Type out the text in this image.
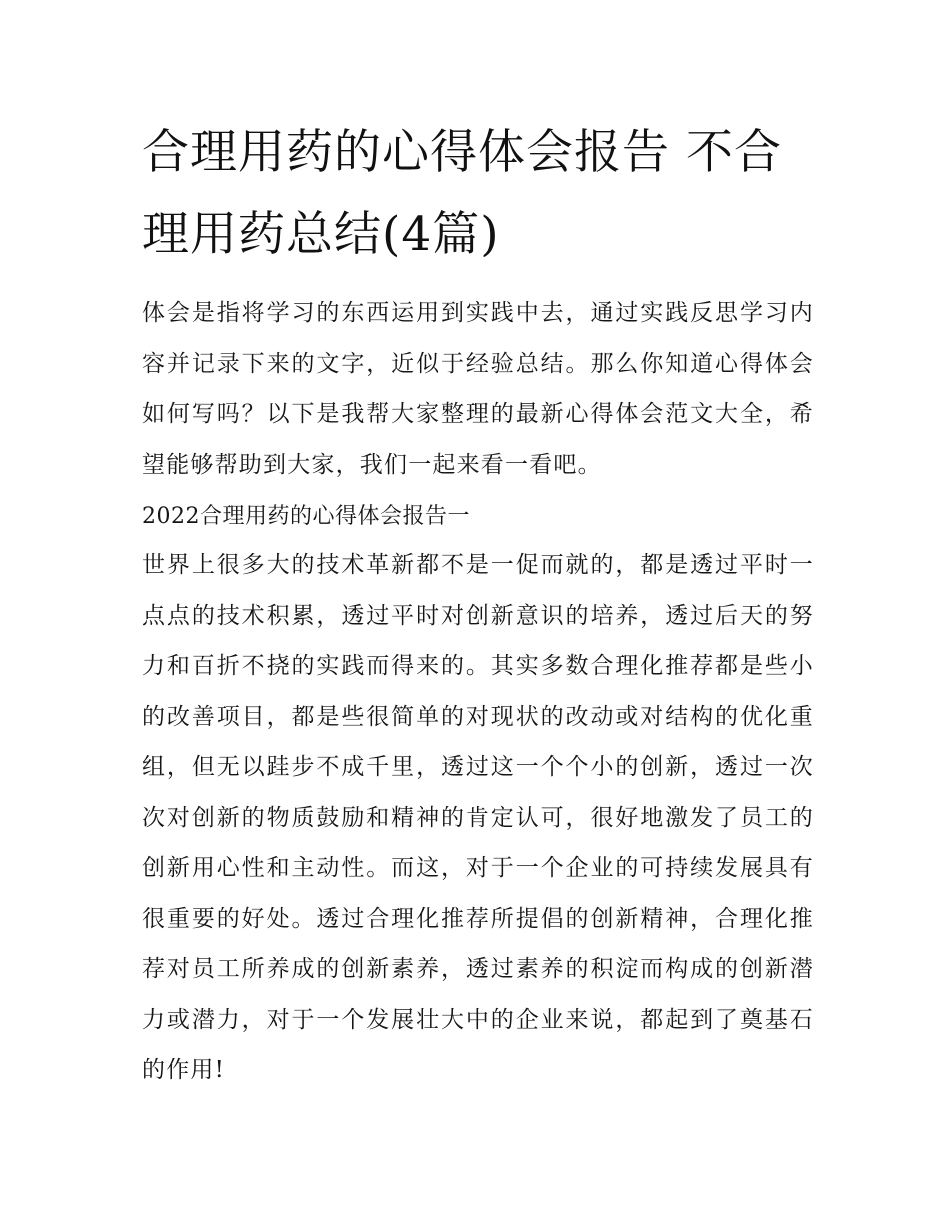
合理用药的心得体会报告 不合理用药总结(4篇)

体会是指将学习的东西运用到实践中去，通过实践反思学习内容并记录下来的文字，近似于经验总结。那么你知道心得体会如何写吗？以下是我帮大家整理的最新心得体会范文大全，希望能够帮助到大家，我们一起来看一看吧。

2022合理用药的心得体会报告一

世界上很多大的技术革新都不是一促而就的，都是透过平时一点点的技术积累，透过平时对创新意识的培养，透过后天的努力和百折不挠的实践而得来的。其实多数合理化推荐都是些小的改善项目，都是些很简单的对现状的改动或对结构的优化重组，但无以跬步不成千里，透过这一个个小的创新，透过一次次对创新的物质鼓励和精神的肯定认可，很好地激发了员工的创新用心性和主动性。而这，对于一个企业的可持续发展具有很重要的好处。透过合理化推荐所提倡的创新精神，合理化推荐对员工所养成的创新素养，透过素养的积淀而构成的创新潜力或潜力，对于一个发展壮大中的企业来说，都起到了奠基石的作用!
